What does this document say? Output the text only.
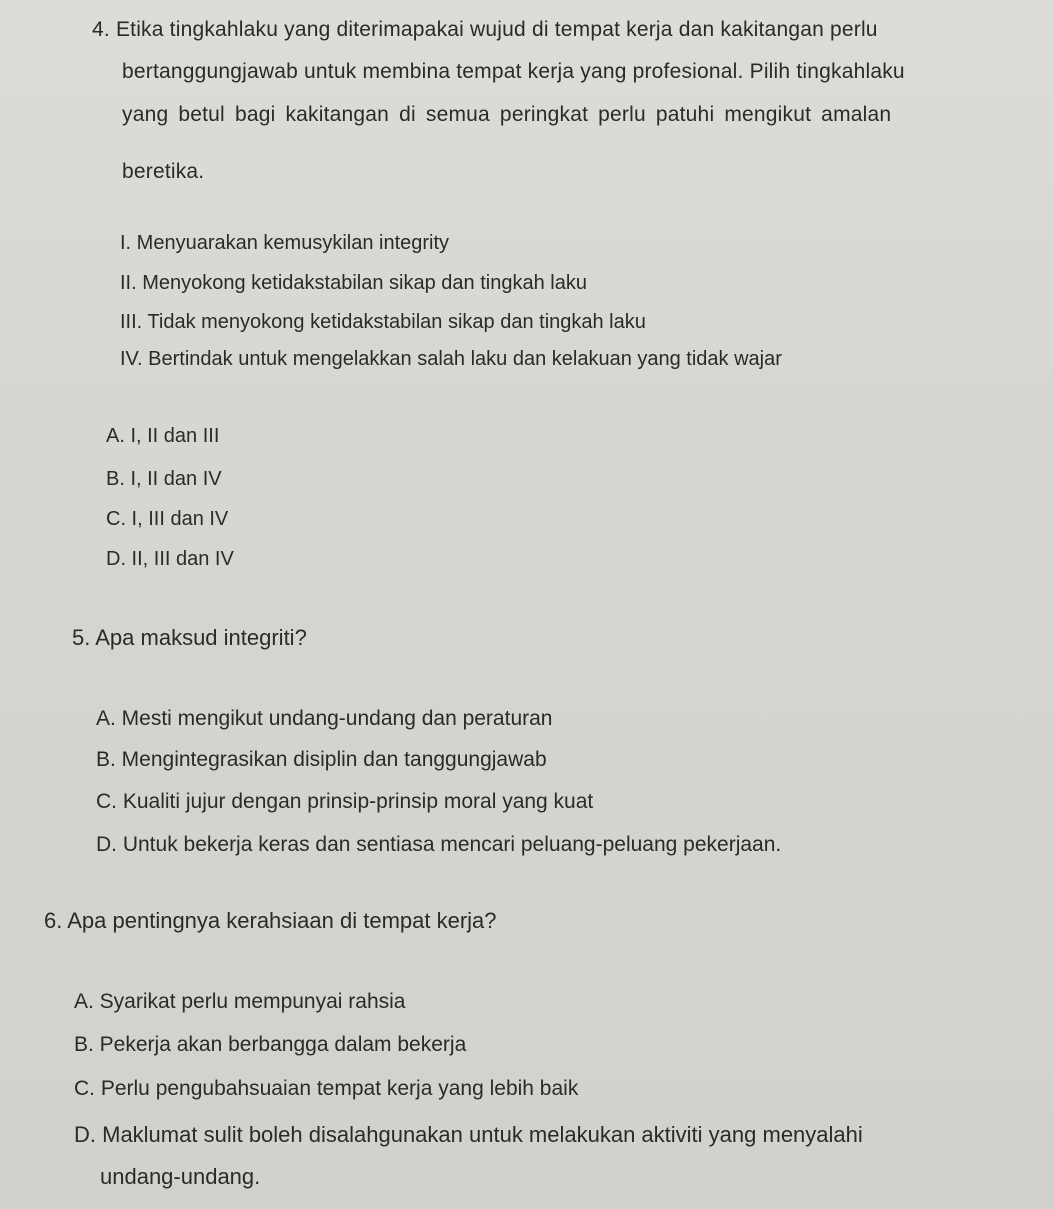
4. Etika tingkahlaku yang diterimapakai wujud di tempat kerja dan kakitangan perlu
bertanggungjawab untuk membina tempat kerja yang profesional. Pilih tingkahlaku
yang betul bagi kakitangan di semua peringkat perlu patuhi mengikut amalan
beretika.
I. Menyuarakan kemusykilan integrity
II. Menyokong ketidakstabilan sikap dan tingkah laku
III. Tidak menyokong ketidakstabilan sikap dan tingkah laku
IV. Bertindak untuk mengelakkan salah laku dan kelakuan yang tidak wajar
A. I, II dan III
B. I, II dan IV
C. I, III dan IV
D. II, III dan IV
5. Apa maksud integriti?
A. Mesti mengikut undang-undang dan peraturan
B. Mengintegrasikan disiplin dan tanggungjawab
C. Kualiti jujur dengan prinsip-prinsip moral yang kuat
D. Untuk bekerja keras dan sentiasa mencari peluang-peluang pekerjaan.
6. Apa pentingnya kerahsiaan di tempat kerja?
A. Syarikat perlu mempunyai rahsia
B. Pekerja akan berbangga dalam bekerja
C. Perlu pengubahsuaian tempat kerja yang lebih baik
D. Maklumat sulit boleh disalahgunakan untuk melakukan aktiviti yang menyalahi
undang-undang.
